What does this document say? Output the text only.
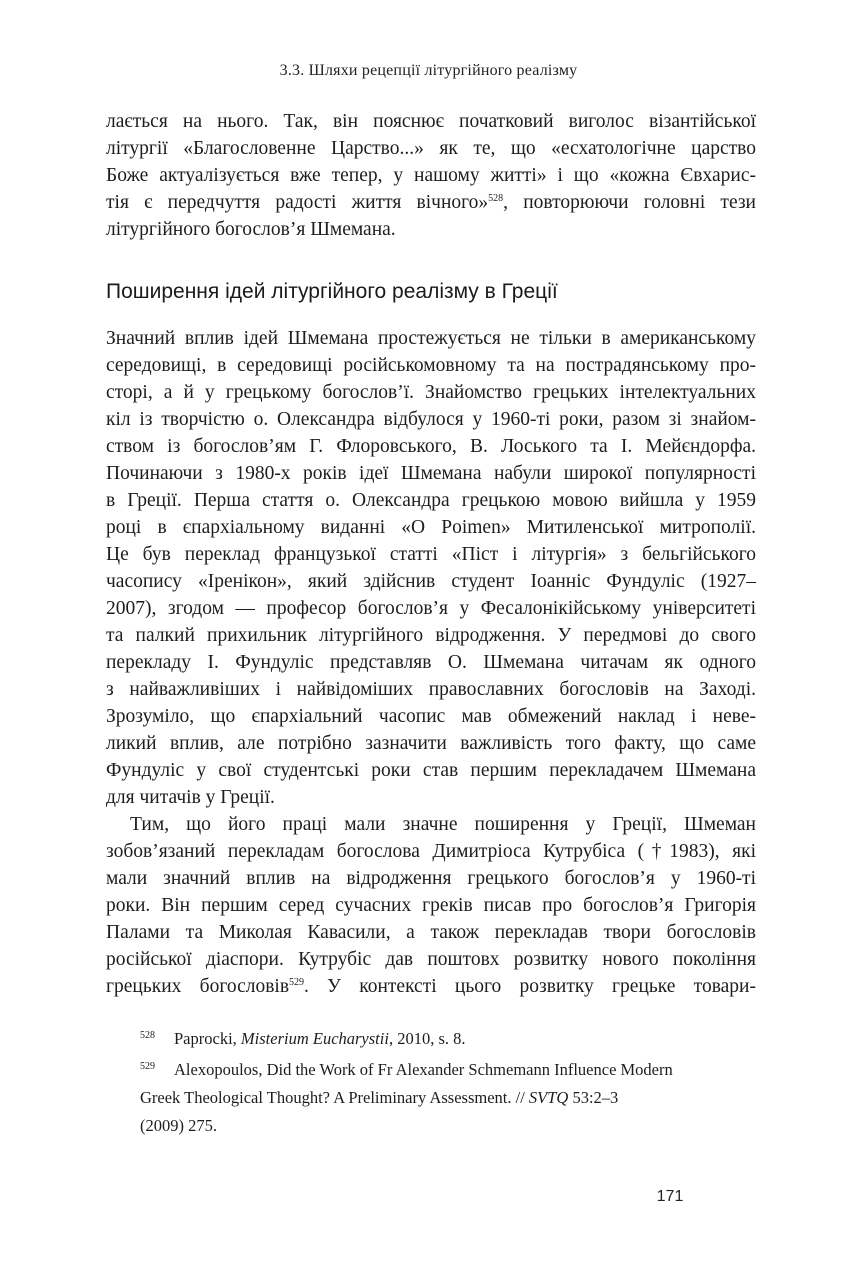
3.3. Шляхи рецепції літургійного реалізму
лається на нього. Так, він пояснює початковий виголос візантійської
літургії «Благословенне Царство...» як те, що «есхатологічне царство
Боже актуалізується вже тепер, у нашому житті» і що «кожна Євхарис-
тія є передчуття радості життя вічного»$^{528}$, повторюючи головні тези
літургійного богослов’я Шмемана.
Поширення ідей літургійного реалізму в Греції
Значний вплив ідей Шмемана простежується не тільки в американському
середовищі, в середовищі російськомовному та на пострадянському про-
сторі, а й у грецькому богослов’ї. Знайомство грецьких інтелектуальних
кіл із творчістю о. Олександра відбулося у 1960-ті роки, разом зі знайом-
ством із богослов’ям Г. Флоровського, В. Лоського та І. Мейєндорфа.
Починаючи з 1980-х років ідеї Шмемана набули широкої популярності
в Греції. Перша стаття о. Олександра грецькою мовою вийшла у 1959
році в єпархіальному виданні «O Poimen» Митиленської митрополії.
Це був переклад французької статті «Піст і літургія» з бельгійського
часопису «Іренікон», який здійснив студент Іоанніс Фундуліс (1927–
2007), згодом — професор богослов’я у Фесалонікійському університеті
та палкий прихильник літургійного відродження. У передмові до свого
перекладу І. Фундуліс представляв О. Шмемана читачам як одного
з найважливіших і найвідоміших православних богословів на Заході.
Зрозуміло, що єпархіальний часопис мав обмежений наклад і неве-
ликий вплив, але потрібно зазначити важливість того факту, що саме
Фундуліс у свої студентські роки став першим перекладачем Шмемана
для читачів у Греції.
Тим, що його праці мали значне поширення у Греції, Шмеман
зобов’язаний перекладам богослова Димитріоса Кутрубіса (†1983), які
мали значний вплив на відродження грецького богослов’я у 1960-ті
роки. Він першим серед сучасних греків писав про богослов’я Григорія
Палами та Миколая Кавасили, а також перекладав твори богословів
російської діаспори. Кутрубіс дав поштовх розвитку нового покоління
грецьких богословів$^{529}$. У контексті цього розвитку грецьке товари-
528 Paprocki, Misterium Eucharystii, 2010, s. 8.
529 Alexopoulos, Did the Work of Fr Alexander Schmemann Influence Modern
Greek Theological Thought? A Preliminary Assessment. // SVTQ 53:2–3
(2009) 275.
171
